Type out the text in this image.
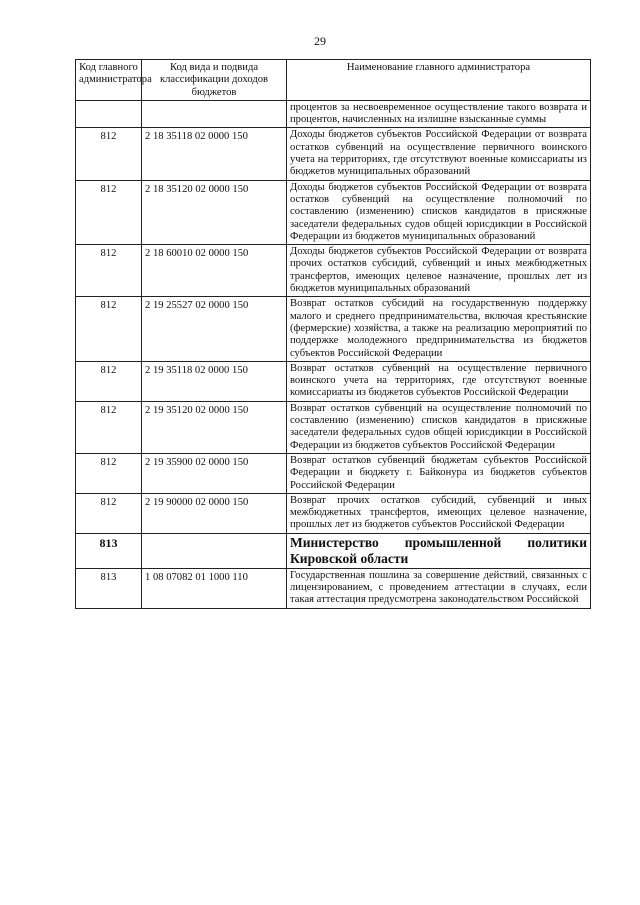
29
Код главного администратора	Код вида и подвида классификации доходов бюджетов	Наименование главного администратора
		процентов за несвоевременное осуществление такого возврата и процентов, начисленных на излишне взысканные суммы
812	2 18 35118 02 0000 150	Доходы бюджетов субъектов Российской Федерации от возврата остатков субвенций на осуществление первичного воинского учета на территориях, где отсутствуют военные комиссариаты из бюджетов муниципальных образований
812	2 18 35120 02 0000 150	Доходы бюджетов субъектов Российской Федерации от возврата остатков субвенций на осуществление полномочий по составлению (изменению) списков кандидатов в присяжные заседатели федеральных судов общей юрисдикции в Российской Федерации из бюджетов муниципальных образований
812	2 18 60010 02 0000 150	Доходы бюджетов субъектов Российской Федерации от возврата прочих остатков субсидий, субвенций и иных межбюджетных трансфертов, имеющих целевое назначение, прошлых лет из бюджетов муниципальных образований
812	2 19 25527 02 0000 150	Возврат остатков субсидий на государственную поддержку малого и среднего предпринимательства, включая крестьянские (фермерские) хозяйства, а также на реализацию мероприятий по поддержке молодежного предпринимательства из бюджетов субъектов Российской Федерации
812	2 19 35118 02 0000 150	Возврат остатков субвенций на осуществление первичного воинского учета на территориях, где отсутствуют военные комиссариаты из бюджетов субъектов Российской Федерации
812	2 19 35120 02 0000 150	Возврат остатков субвенций на осуществление полномочий по составлению (изменению) списков кандидатов в присяжные заседатели федеральных судов общей юрисдикции в Российской Федерации из бюджетов субъектов Российской Федерации
812	2 19 35900 02 0000 150	Возврат остатков субвенций бюджетам субъектов Российской Федерации и бюджету г. Байконура из бюджетов субъектов Российской Федерации
812	2 19 90000 02 0000 150	Возврат прочих остатков субсидий, субвенций и иных межбюджетных трансфертов, имеющих целевое назначение, прошлых лет из бюджетов субъектов Российской Федерации
813		Министерство промышленной политики Кировской области
813	1 08 07082 01 1000 110	Государственная пошлина за совершение действий, связанных с лицензированием, с проведением аттестации в случаях, если такая аттестация предусмотрена законодательством Российской
